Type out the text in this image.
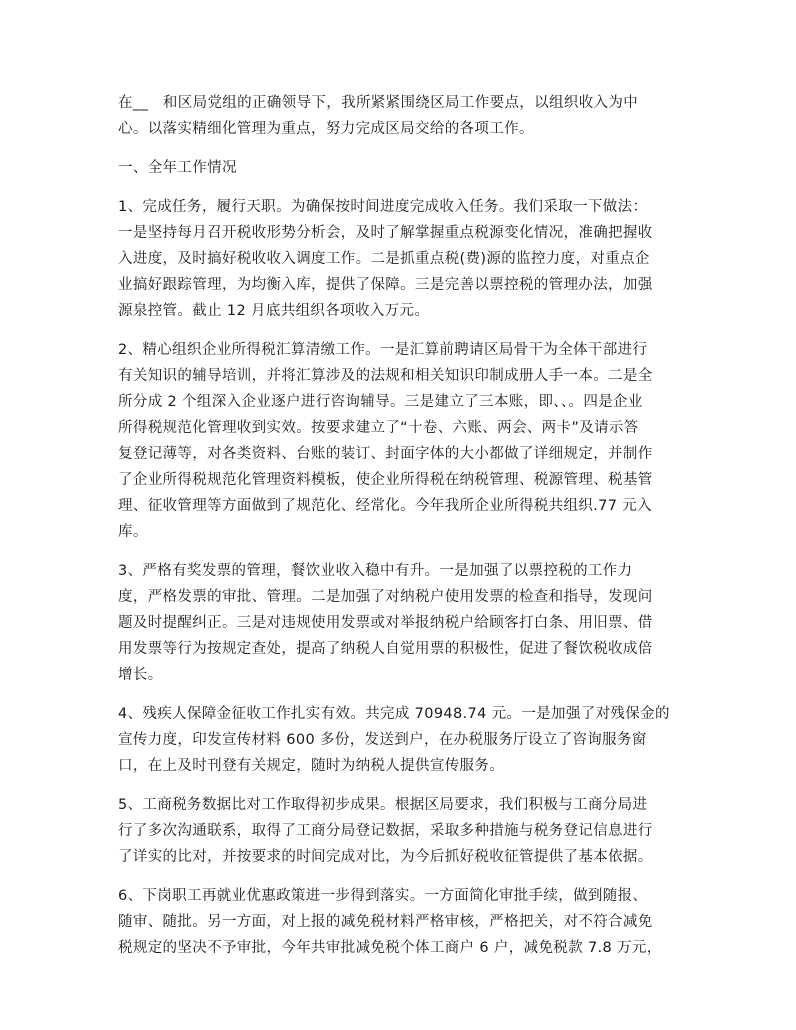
在__　和区局党组的正确领导下，我所紧紧围绕区局工作要点，以组织收入为中
心。以落实精细化管理为重点，努力完成区局交给的各项工作。

一、全年工作情况

1、完成任务，履行天职。为确保按时间进度完成收入任务。我们采取一下做法：
一是坚持每月召开税收形势分析会，及时了解掌握重点税源变化情况，准确把握收
入进度，及时搞好税收收入调度工作。二是抓重点税(费)源的监控力度，对重点企
业搞好跟踪管理，为均衡入库，提供了保障。三是完善以票控税的管理办法，加强
源泉控管。截止 12 月底共组织各项收入万元。

2、精心组织企业所得税汇算清缴工作。一是汇算前聘请区局骨干为全体干部进行
有关知识的辅导培训，并将汇算涉及的法规和相关知识印制成册人手一本。二是全
所分成 2 个组深入企业逐户进行咨询辅导。三是建立了三本账，即、、。四是企业
所得税规范化管理收到实效。按要求建立了“十卷、六账、两会、两卡”及请示答
复登记薄等，对各类资料、台账的装订、封面字体的大小都做了详细规定，并制作
了企业所得税规范化管理资料模板，使企业所得税在纳税管理、税源管理、税基管
理、征收管理等方面做到了规范化、经常化。今年我所企业所得税共组织.77 元入
库。

3、严格有奖发票的管理，餐饮业收入稳中有升。一是加强了以票控税的工作力
度，严格发票的审批、管理。二是加强了对纳税户使用发票的检查和指导，发现问
题及时提醒纠正。三是对违规使用发票或对举报纳税户给顾客打白条、用旧票、借
用发票等行为按规定查处，提高了纳税人自觉用票的积极性，促进了餐饮税收成倍
增长。

4、残疾人保障金征收工作扎实有效。共完成 70948.74 元。一是加强了对残保金的
宣传力度，印发宣传材料 600 多份，发送到户，在办税服务厅设立了咨询服务窗
口，在上及时刊登有关规定，随时为纳税人提供宣传服务。

5、工商税务数据比对工作取得初步成果。根据区局要求，我们积极与工商分局进
行了多次沟通联系，取得了工商分局登记数据，采取多种措施与税务登记信息进行
了详实的比对，并按要求的时间完成对比，为今后抓好税收征管提供了基本依据。

6、下岗职工再就业优惠政策进一步得到落实。一方面简化审批手续，做到随报、
随审、随批。另一方面，对上报的减免税材料严格审核，严格把关，对不符合减免
税规定的坚决不予审批，今年共审批减免税个体工商户 6 户，减免税款 7.8 万元，
